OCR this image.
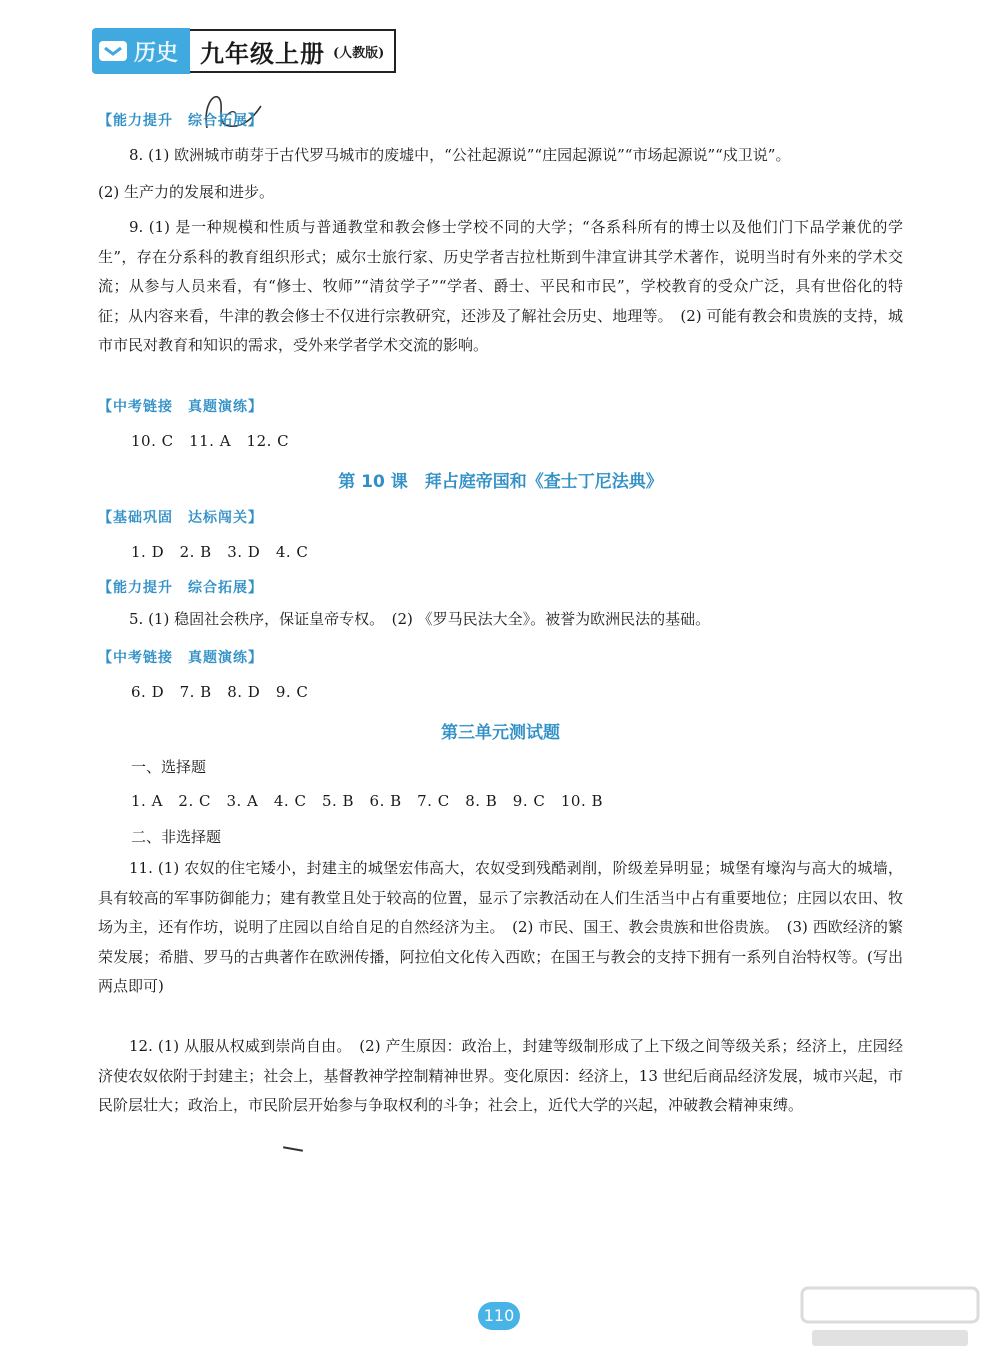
历史 九年级上册 (人教版)
【能力提升　综合拓展】
8. (1) 欧洲城市萌芽于古代罗马城市的废墟中，“公社起源说”“庄园起源说”“市场起源说”“戍卫说”。
(2) 生产力的发展和进步。
9. (1) 是一种规模和性质与普通教堂和教会修士学校不同的大学；“各系科所有的博士以及他们门下品学兼优的学生”，存在分系科的教育组织形式；威尔士旅行家、历史学者吉拉杜斯到牛津宣讲其学术著作，说明当时有外来的学术交流；从参与人员来看，有“修士、牧师”“清贫学子”“学者、爵士、平民和市民”，学校教育的受众广泛，具有世俗化的特征；从内容来看，牛津的教会修士不仅进行宗教研究，还涉及了解社会历史、地理等。　(2) 可能有教会和贵族的支持，城市市民对教育和知识的需求，受外来学者学术交流的影响。
【中考链接　真题演练】
10. C　11. A　12. C
第 10 课　拜占庭帝国和《查士丁尼法典》
【基础巩固　达标闯关】
1. D　2. B　3. D　4. C
【能力提升　综合拓展】
5. (1) 稳固社会秩序，保证皇帝专权。　(2) 《罗马民法大全》。被誉为欧洲民法的基础。
【中考链接　真题演练】
6. D　7. B　8. D　9. C
第三单元测试题
一、选择题
1. A　2. C　3. A　4. C　5. B　6. B　7. C　8. B　9. C　10. B
二、非选择题
11. (1) 农奴的住宅矮小，封建主的城堡宏伟高大，农奴受到残酷剥削，阶级差异明显；城堡有壕沟与高大的城墙，具有较高的军事防御能力；建有教堂且处于较高的位置，显示了宗教活动在人们生活当中占有重要地位；庄园以农田、牧场为主，还有作坊，说明了庄园以自给自足的自然经济为主。　(2) 市民、国王、教会贵族和世俗贵族。　(3) 西欧经济的繁荣发展；希腊、罗马的古典著作在欧洲传播，阿拉伯文化传入西欧；在国王与教会的支持下拥有一系列自治特权等。(写出两点即可)
12. (1) 从服从权威到崇尚自由。　(2) 产生原因：政治上，封建等级制形成了上下级之间等级关系；经济上，庄园经济使农奴依附于封建主；社会上，基督教神学控制精神世界。变化原因：经济上，13 世纪后商品经济发展，城市兴起，市民阶层壮大；政治上，市民阶层开始参与争取权利的斗争；社会上，近代大学的兴起，冲破教会精神束缚。
110
